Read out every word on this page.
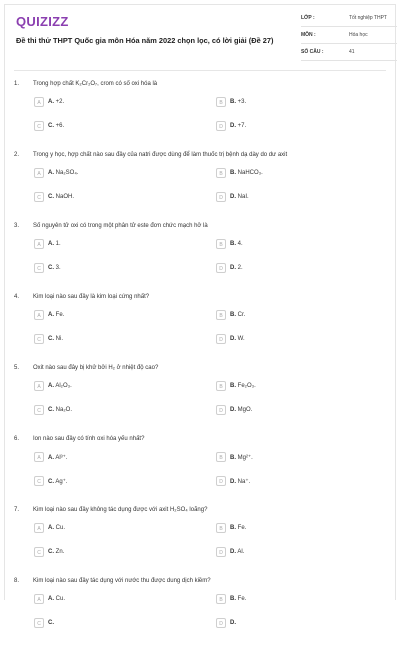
QUIZIZZ
Đề thi thử THPT Quốc gia môn Hóa năm 2022 chọn lọc, có lời giải (Đề 27)
LỚP :	Tốt nghiệp THPT
MÔN :	Hóa học
SỐ CÂU :	41
1. Trong hợp chất K₂Cr₂O₇, crom có số oxi hóa là
A	A. +2.	B	B. +3.
C	C. +6.	D	D. +7.
2. Trong y học, hợp chất nào sau đây của natri được dùng để làm thuốc trị bệnh dạ dày do dư axit
A	A. Na₂SO₄.	B	B. NaHCO₃.
C	C. NaOH.	D	D. NaI.
3. Số nguyên tử oxi có trong một phân tử este đơn chức mạch hở là
A	A. 1.	B	B. 4.
C	C. 3.	D	D. 2.
4. Kim loại nào sau đây là kim loại cứng nhất?
A	A. Fe.	B	B. Cr.
C	C. Ni.	D	D. W.
5. Oxit nào sau đây bị khử bởi H₂ ở nhiệt độ cao?
A	A. Al₂O₃.	B	B. Fe₂O₃.
C	C. Na₂O.	D	D. MgO.
6. Ion nào sau đây có tính oxi hóa yếu nhất?
A	A. Al³⁺.	B	B. Mg²⁺.
C	C. Ag⁺.	D	D. Na⁺.
7. Kim loại nào sau đây không tác dụng được với axit H₂SO₄ loãng?
A	A. Cu.	B	B. Fe.
C	C. Zn.	D	D. Al.
8. Kim loại nào sau đây tác dụng với nước thu được dung dịch kiềm?
A	A. Cu.	B	B. Fe.
C	C.	D	D.
